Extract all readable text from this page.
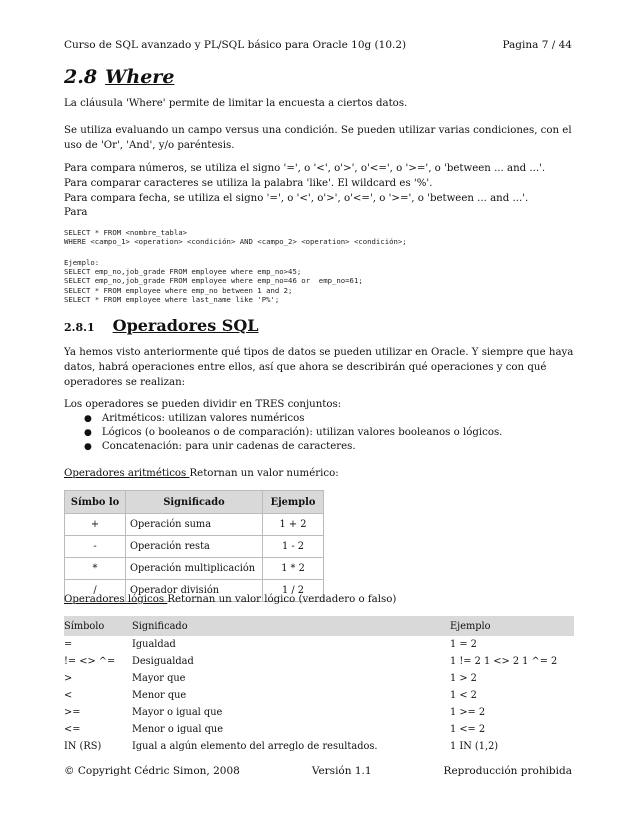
Curso de SQL avanzado y PL/SQL básico para Oracle 10g (10.2)	Pagina 7 / 44
2.8 Where
La cláusula 'Where' permite de limitar la encuesta a ciertos datos.
Se utiliza evaluando un campo versus una condición. Se pueden utilizar varias condiciones, con el uso de 'Or', 'And', y/o paréntesis.
Para compara números, se utiliza el signo '=', o '<', o'>', o'<=', o '>=', o 'between ... and ...'.
Para comparar caracteres se utiliza la palabra 'like'. El wildcard es '%'.
Para compara fecha, se utiliza el signo '=', o '<', o'>', o'<=', o '>=', o 'between ... and ...'.
Para
SELECT * FROM <nombre_tabla>
WHERE <campo_1> <operation> <condición> AND <campo_2> <operation> <condición>;
Ejemplo:
SELECT emp_no,job_grade FROM employee where emp_no>45;
SELECT emp_no,job_grade FROM employee where emp_no=46 or  emp_no=61;
SELECT * FROM employee where emp_no between 1 and 2;
SELECT * FROM employee where last_name like 'P%';
2.8.1 Operadores SQL
Ya hemos visto anteriormente qué tipos de datos se pueden utilizar en Oracle. Y siempre que haya datos, habrá operaciones entre ellos, así que ahora se describirán qué operaciones y con qué operadores se realizan:
Los operadores se pueden dividir en TRES conjuntos:
● Aritméticos: utilizan valores numéricos
● Lógicos (o booleanos o de comparación): utilizan valores booleanos o lógicos.
● Concatenación: para unir cadenas de caracteres.
Operadores aritméticos Retornan un valor numérico:
Símbo lo	Significado	Ejemplo
+	Operación suma	1 + 2
-	Operación resta	1 - 2
*	Operación multiplicación	1 * 2
/	Operador división	1 / 2
Operadores lógicos Retornan un valor lógico (verdadero o falso)
Símbolo	Significado	Ejemplo
=	Igualdad	1 = 2
!= <> ^=	Desigualdad	1 != 2 1 <> 2 1 ^= 2
>	Mayor que	1 > 2
<	Menor que	1 < 2
>=	Mayor o igual que	1 >= 2
<=	Menor o igual que	1 <= 2
IN (RS)	Igual a algún elemento del arreglo de resultados.	1 IN (1,2)
© Copyright Cédric Simon, 2008	Versión 1.1	Reproducción prohibida
